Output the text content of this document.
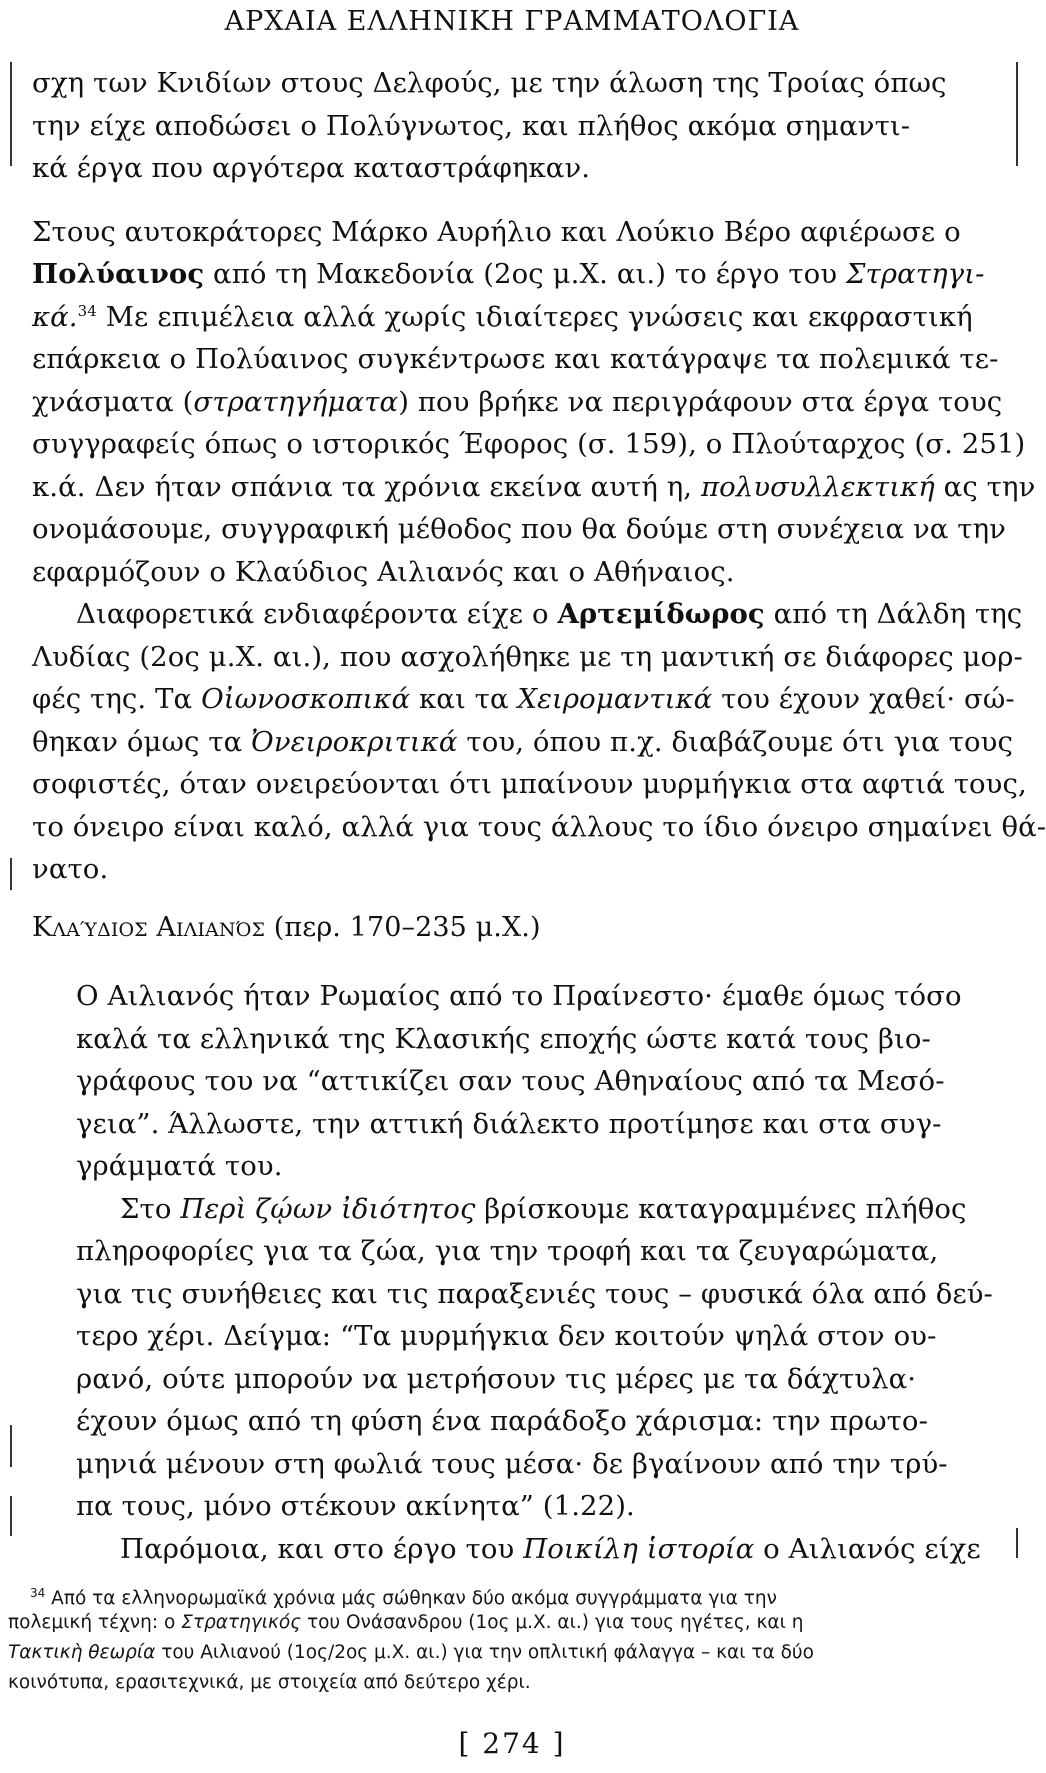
ΑΡΧΑΙΑ ΕΛΛΗΝΙΚΗ ΓΡΑΜΜΑΤΟΛΟΓΙΑ

σχη των Κνιδίων στους Δελφούς, με την άλωση της Τροίας όπως
την είχε αποδώσει ο Πολύγνωτος, και πλήθος ακόμα σημαντι-
κά έργα που αργότερα καταστράφηκαν.

Στους αυτοκράτορες Μάρκο Αυρήλιο και Λούκιο Βέρο αφιέρωσε ο
Πολύαινος από τη Μακεδονία (2ος μ.Χ. αι.) το έργο του Στρατηγι-
κά.$^{34}$ Με επιμέλεια αλλά χωρίς ιδιαίτερες γνώσεις και εκφραστική
επάρκεια ο Πολύαινος συγκέντρωσε και κατάγραψε τα πολεμικά τε-
χνάσματα (στρατηγήματα) που βρήκε να περιγράφουν στα έργα τους
συγγραφείς όπως ο ιστορικός Έφορος (σ. 159), ο Πλούταρχος (σ. 251)
κ.ά. Δεν ήταν σπάνια τα χρόνια εκείνα αυτή η, πολυσυλλεκτική ας την
ονομάσουμε, συγγραφική μέθοδος που θα δούμε στη συνέχεια να την
εφαρμόζουν ο Κλαύδιος Αιλιανός και ο Αθήναιος.

Διαφορετικά ενδιαφέροντα είχε ο Αρτεμίδωρος από τη Δάλδη της
Λυδίας (2ος μ.Χ. αι.), που ασχολήθηκε με τη μαντική σε διάφορες μορ-
φές της. Τα Οἰωνοσκοπικά και τα Χειρομαντικά του έχουν χαθεί· σώ-
θηκαν όμως τα Ὀνειροκριτικά του, όπου π.χ. διαβάζουμε ότι για τους
σοφιστές, όταν ονειρεύονται ότι μπαίνουν μυρμήγκια στα αφτιά τους,
το όνειρο είναι καλό, αλλά για τους άλλους το ίδιο όνειρο σημαίνει θά-
νατο.

Κλαύδιος Αιλιανός (περ. 170–235 μ.Χ.)

Ο Αιλιανός ήταν Ρωμαίος από το Πραίνεστο· έμαθε όμως τόσο
καλά τα ελληνικά της Κλασικής εποχής ώστε κατά τους βιο-
γράφους του να “αττικίζει σαν τους Αθηναίους από τα Μεσό-
γεια”. Άλλωστε, την αττική διάλεκτο προτίμησε και στα συγ-
γράμματά του.

Στο Περὶ ζῴων ἰδιότητος βρίσκουμε καταγραμμένες πλήθος
πληροφορίες για τα ζώα, για την τροφή και τα ζευγαρώματα,
για τις συνήθειες και τις παραξενιές τους – φυσικά όλα από δεύ-
τερο χέρι. Δείγμα: “Τα μυρμήγκια δεν κοιτούν ψηλά στον ου-
ρανό, ούτε μπορούν να μετρήσουν τις μέρες με τα δάχτυλα·
έχουν όμως από τη φύση ένα παράδοξο χάρισμα: την πρωτο-
μηνιά μένουν στη φωλιά τους μέσα· δε βγαίνουν από την τρύ-
πα τους, μόνο στέκουν ακίνητα” (1.22).

Παρόμοια, και στο έργο του Ποικίλη ἱστορία ο Αιλιανός είχε

$^{34}$ Από τα ελληνορωμαϊκά χρόνια μάς σώθηκαν δύο ακόμα συγγράμματα για την
πολεμική τέχνη: ο Στρατηγικός του Ονάσανδρου (1ος μ.Χ. αι.) για τους ηγέτες, και η
Τακτικὴ θεωρία του Αιλιανού (1ος/2ος μ.Χ. αι.) για την οπλιτική φάλαγγα – και τα δύο
κοινότυπα, ερασιτεχνικά, με στοιχεία από δεύτερο χέρι.
[ 274 ]
